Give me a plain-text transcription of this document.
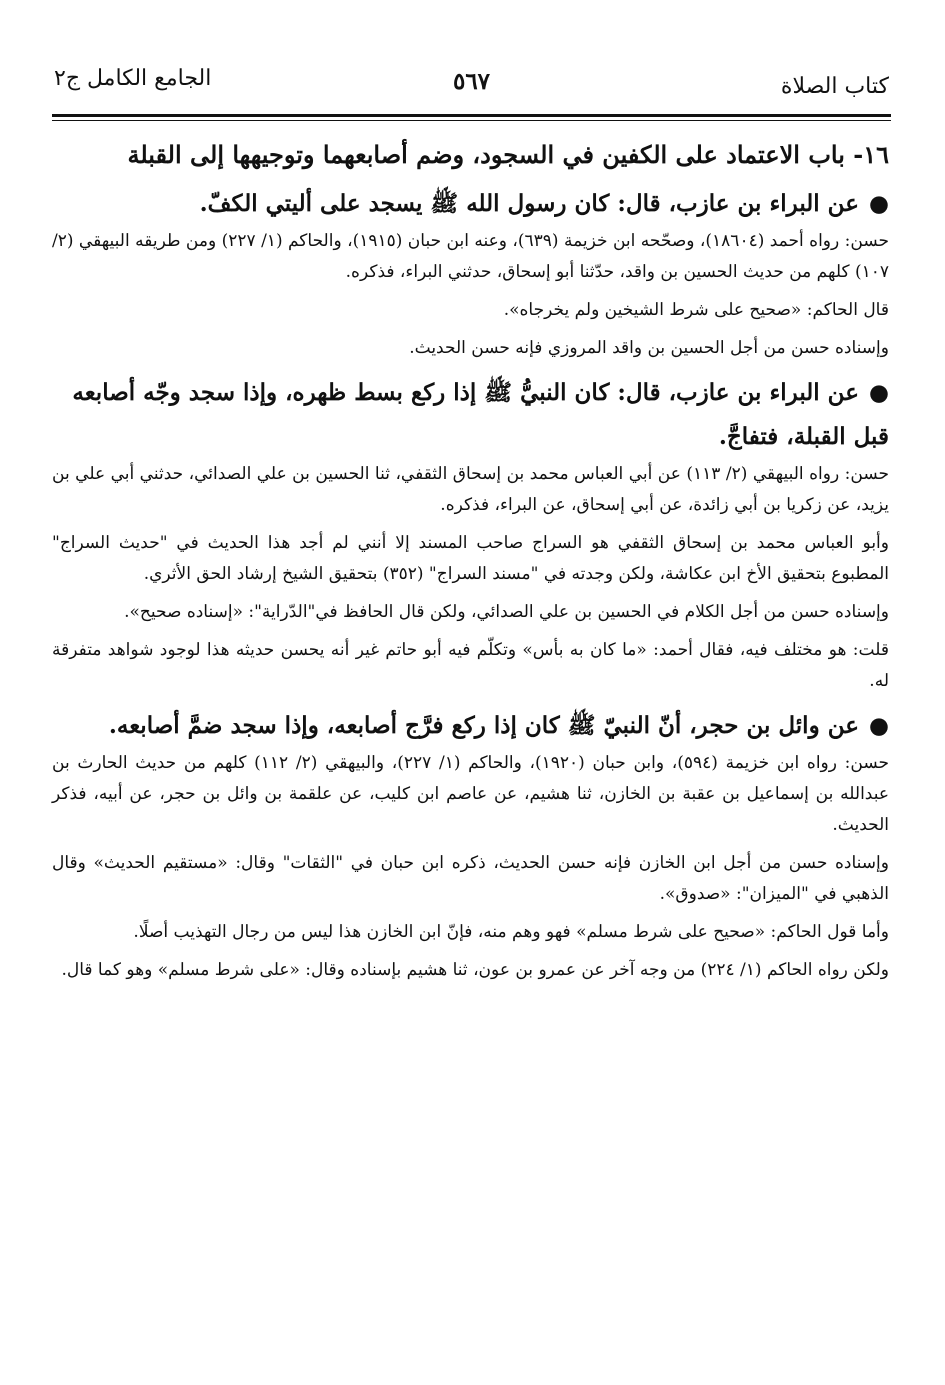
كتاب الصلاة
٥٦٧
الجامع الكامل ج٢
١٦- باب الاعتماد على الكفين في السجود، وضم أصابعهما وتوجيهها إلى القبلة

●عن البراء بن عازب، قال: كان رسول الله ﷺ يسجد على أليتي الكفّ.

حسن: رواه أحمد (١٨٦٠٤)، وصحّحه ابن خزيمة (٦٣٩)، وعنه ابن حبان (١٩١٥)، والحاكم (١/ ٢٢٧) ومن طريقه البيهقي (٢/ ١٠٧) كلهم من حديث الحسين بن واقد، حدّثنا أبو إسحاق، حدثني البراء، فذكره.

قال الحاكم: «صحيح على شرط الشيخين ولم يخرجاه».

وإسناده حسن من أجل الحسين بن واقد المروزي فإنه حسن الحديث.

●عن البراء بن عازب، قال: كان النبيُّ ﷺ إذا ركع بسط ظهره، وإذا سجد وجّه أصابعه قبل القبلة، فتفاجَّ.

حسن: رواه البيهقي (٢/ ١١٣) عن أبي العباس محمد بن إسحاق الثقفي، ثنا الحسين بن علي الصدائي، حدثني أبي علي بن يزيد، عن زكريا بن أبي زائدة، عن أبي إسحاق، عن البراء، فذكره.

وأبو العباس محمد بن إسحاق الثقفي هو السراج صاحب المسند إلا أنني لم أجد هذا الحديث في "حديث السراج" المطبوع بتحقيق الأخ ابن عكاشة، ولكن وجدته في "مسند السراج" (٣٥٢) بتحقيق الشيخ إرشاد الحق الأثري.

وإسناده حسن من أجل الكلام في الحسين بن علي الصدائي، ولكن قال الحافظ في"الدّراية": «إسناده صحيح».

قلت: هو مختلف فيه، فقال أحمد: «ما كان به بأس» وتكلّم فيه أبو حاتم غير أنه يحسن حديثه هذا لوجود شواهد متفرقة له.

●عن وائل بن حجر، أنّ النبيّ ﷺ كان إذا ركع فرَّج أصابعه، وإذا سجد ضمَّ أصابعه.

حسن: رواه ابن خزيمة (٥٩٤)، وابن حبان (١٩٢٠)، والحاكم (١/ ٢٢٧)، والبيهقي (٢/ ١١٢) كلهم من حديث الحارث بن عبدالله بن إسماعيل بن عقبة بن الخازن، ثنا هشيم، عن عاصم ابن كليب، عن علقمة بن وائل بن حجر، عن أبيه، فذكر الحديث.

وإسناده حسن من أجل ابن الخازن فإنه حسن الحديث، ذكره ابن حبان في "الثقات" وقال: «مستقيم الحديث» وقال الذهبي في "الميزان": «صدوق».

وأما قول الحاكم: «صحيح على شرط مسلم» فهو وهم منه، فإنّ ابن الخازن هذا ليس من رجال التهذيب أصلًا.

ولكن رواه الحاكم (١/ ٢٢٤) من وجه آخر عن عمرو بن عون، ثنا هشيم بإسناده وقال: «على شرط مسلم» وهو كما قال.
